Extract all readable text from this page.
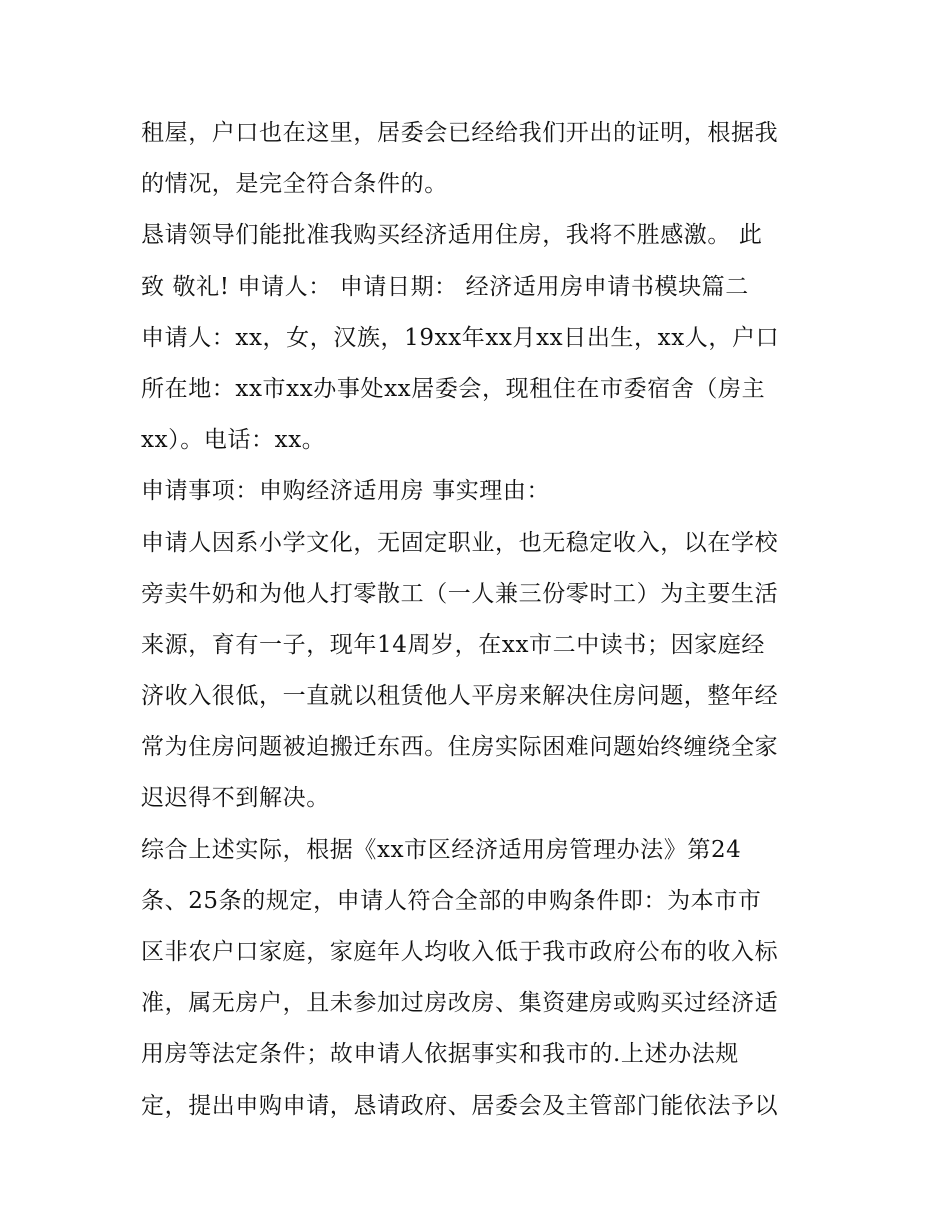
租屋，户口也在这里，居委会已经给我们开出的证明，根据我
的情况，是完全符合条件的。
恳请领导们能批准我购买经济适用住房，我将不胜感激。 此
致 敬礼! 申请人： 申请日期： 经济适用房申请书模块篇二
申请人：xx，女，汉族，19xx年xx月xx日出生，xx人，户口
所在地：xx市xx办事处xx居委会，现租住在市委宿舍（房主
xx）。电话：xx。
申请事项：申购经济适用房 事实理由：
申请人因系小学文化，无固定职业，也无稳定收入，以在学校
旁卖牛奶和为他人打零散工（一人兼三份零时工）为主要生活
来源，育有一子，现年14周岁，在xx市二中读书；因家庭经
济收入很低，一直就以租赁他人平房来解决住房问题，整年经
常为住房问题被迫搬迁东西。住房实际困难问题始终缠绕全家
迟迟得不到解决。
综合上述实际，根据《xx市区经济适用房管理办法》第24
条、25条的规定，申请人符合全部的申购条件即：为本市市
区非农户口家庭，家庭年人均收入低于我市政府公布的收入标
准，属无房户，且未参加过房改房、集资建房或购买过经济适
用房等法定条件；故申请人依据事实和我市的.上述办法规
定，提出申购申请，恳请政府、居委会及主管部门能依法予以
